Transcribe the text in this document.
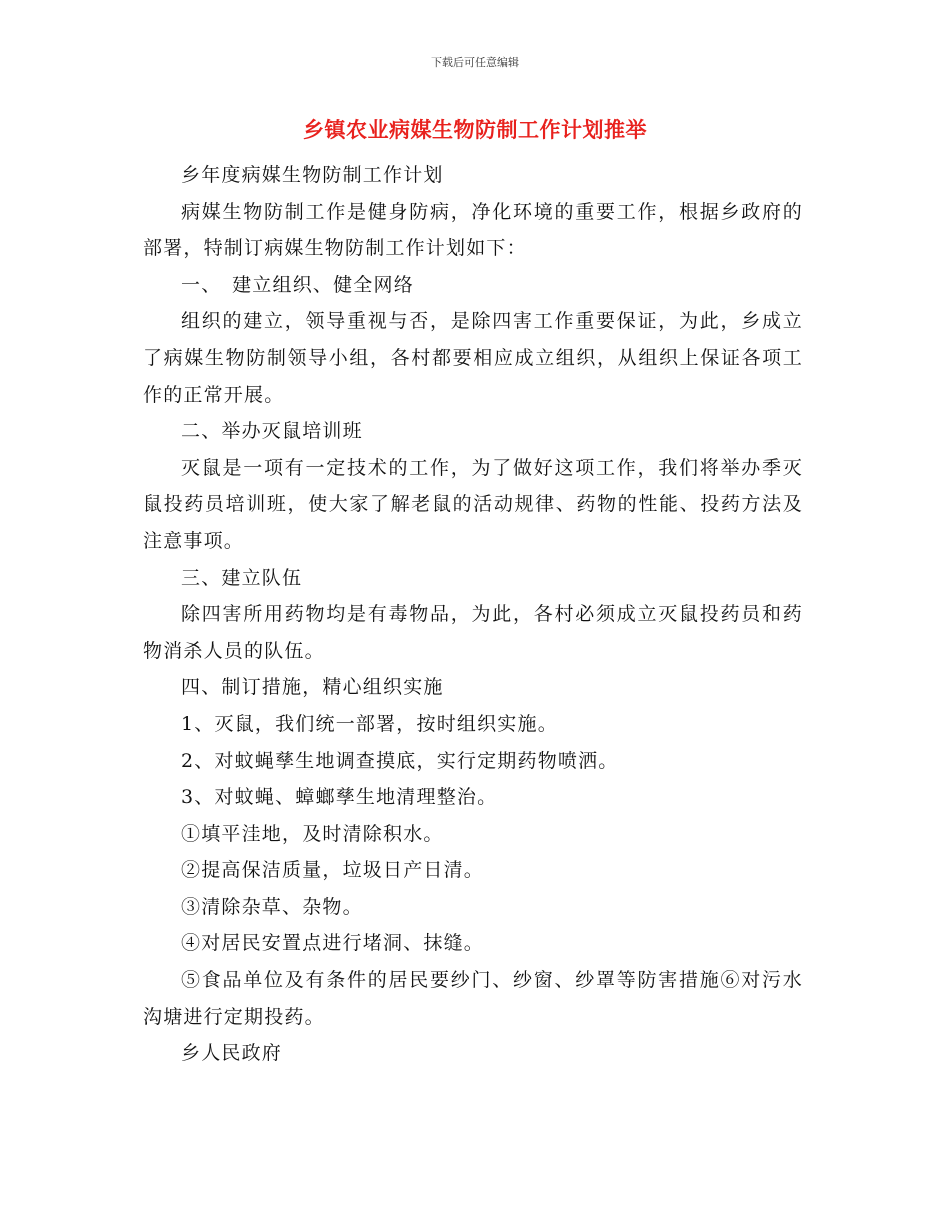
下载后可任意编辑
乡镇农业病媒生物防制工作计划推举

乡年度病媒生物防制工作计划

病媒生物防制工作是健身防病，净化环境的重要工作，根据乡政府的部署，特制订病媒生物防制工作计划如下：

一、　建立组织、健全网络

组织的建立，领导重视与否，是除四害工作重要保证，为此，乡成立了病媒生物防制领导小组，各村都要相应成立组织，从组织上保证各项工作的正常开展。

二、举办灭鼠培训班

灭鼠是一项有一定技术的工作，为了做好这项工作，我们将举办季灭鼠投药员培训班，使大家了解老鼠的活动规律、药物的性能、投药方法及注意事项。

三、建立队伍

除四害所用药物均是有毒物品，为此，各村必须成立灭鼠投药员和药物消杀人员的队伍。

四、制订措施，精心组织实施

1、灭鼠，我们统一部署，按时组织实施。

2、对蚊蝇孳生地调查摸底，实行定期药物喷洒。

3、对蚊蝇、蟑螂孳生地清理整治。

①填平洼地，及时清除积水。

②提高保洁质量，垃圾日产日清。

③清除杂草、杂物。

④对居民安置点进行堵洞、抹缝。

⑤食品单位及有条件的居民要纱门、纱窗、纱罩等防害措施⑥对污水沟塘进行定期投药。

乡人民政府
